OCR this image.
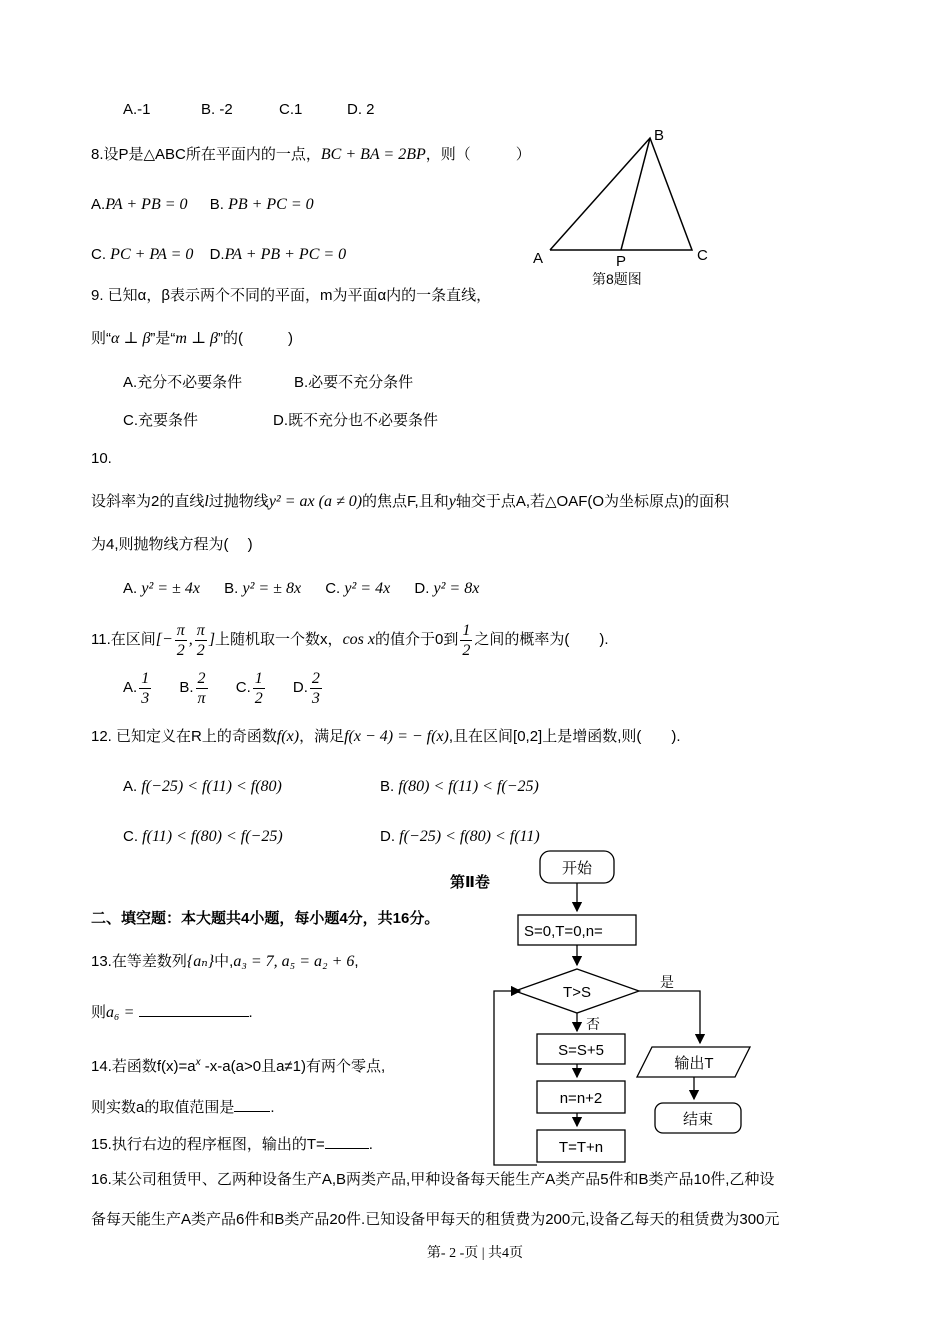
A.-1	B. -2	C.1	D. 2
8.设P是△ABC所在平面内的一点，BC + BA = 2BP，则（　　　）
A.PA + PB = 0 B. PB + PC = 0
C. PC + PA = 0 D.PA + PB + PC = 0
B
A	P	C
第8题图
9. 已知α，β表示两个不同的平面，m为平面α内的一条直线，
则“α ⊥ β”是“m ⊥ β”的(　　　)
A.充分不必要条件	B.必要不充分条件
C.充要条件	D.既不充分也不必要条件
10.
设斜率为2的直线l过抛物线y² = ax (a ≠ 0)的焦点F,且和y轴交于点A,若△OAF(O为坐标原点)的面积
为4,则抛物线方程为(　 )
A. y² = ± 4x B. y² = ± 8x C. y² = 4x D. y² = 8x
11.在区间[− $\frac{\pi}{2}$ , $\frac{\pi}{2}$ ]上随机取一个数x，cos x的值介于0到 $\frac{1}{2}$ 之间的概率为(　　).
A. $\frac{1}{3} B$. $\frac{2}{\pi} C$. $\frac{1}{2} D$. $\frac{2}{3}$
12. 已知定义在R上的奇函数f(x)，满足f(x − 4) = − f(x),且在区间[0,2]上是增函数,则(　　).
A. f(−25) < f(11) < f(80)	B. f(80) < f(11) < f(−25)
C. f(11) < f(80) < f(−25)	D. f(−25) < f(80) < f(11)
第Ⅱ卷
二、填空题：本大题共4小题，每小题4分，共16分。
13.在等差数列{aₙ}中,a₃ = 7, a₅ = a₂ + 6,
则a₆ =	.
14.若函数$f(x)=a^x$ -x-a(a>0且a≠1)有两个零点,
则实数a的取值范围是 .
15.执行右边的程序框图，输出的T=	.
16.某公司租赁甲、乙两种设备生产A,B两类产品,甲种设备每天能生产A类产品5件和B类产品10件,乙种设
备每天能生产A类产品6件和B类产品20件.已知设备甲每天的租赁费为200元,设备乙每天的租赁费为300元
开始
S=0,T=0,n=
T>S
是
输出T
结束
否
S=S+5
n=n+2
T=T+n
第- 2 -页 | 共4页
